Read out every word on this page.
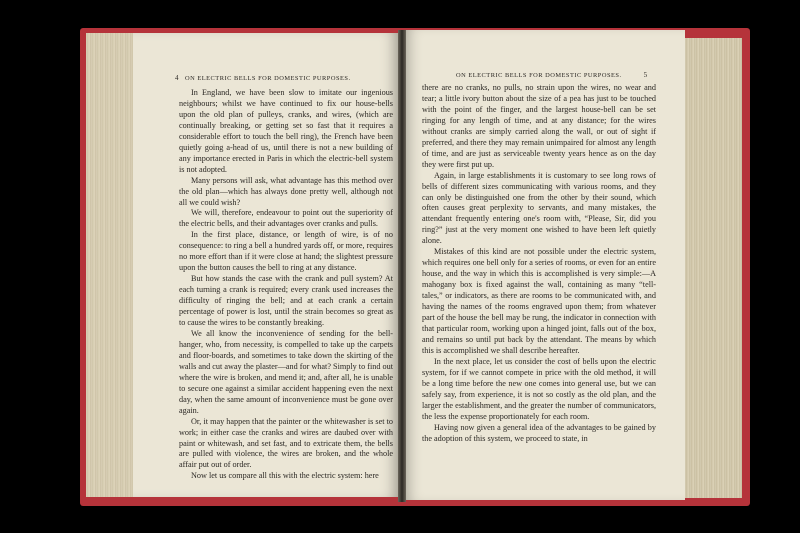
4 ON ELECTRIC BELLS FOR DOMESTIC PURPOSES.

In England, we have been slow to imitate our ingenious neighbours; whilst we have continued to fix our house-bells upon the old plan of pulleys, cranks, and wires, (which are continually breaking, or getting set so fast that it requires a considerable effort to touch the bell ring), the French have been quietly going a-head of us, until there is not a new building of any importance erected in Paris in which the electric-bell system is not adopted.

Many persons will ask, what advantage has this method over the old plan—which has always done pretty well, although not all we could wish?

We will, therefore, endeavour to point out the superiority of the electric bells, and their advantages over cranks and pulls.

In the first place, distance, or length of wire, is of no consequence: to ring a bell a hundred yards off, or more, requires no more effort than if it were close at hand; the slightest pressure upon the button causes the bell to ring at any distance.

But how stands the case with the crank and pull system? At each turning a crank is required; every crank used increases the difficulty of ringing the bell; and at each crank a certain percentage of power is lost, until the strain becomes so great as to cause the wires to be constantly breaking.

We all know the inconvenience of sending for the bell-hanger, who, from necessity, is compelled to take up the carpets and floor-boards, and sometimes to take down the skirting of the walls and cut away the plaster—and for what? Simply to find out where the wire is broken, and mend it; and, after all, he is unable to secure one against a similar accident happening even the next day, when the same amount of inconvenience must be gone over again.

Or, it may happen that the painter or the whitewasher is set to work; in either case the cranks and wires are daubed over with paint or whitewash, and set fast, and to extricate them, the bells are pulled with violence, the wires are broken, and the whole affair put out of order.

Now let us compare all this with the electric system: here

ON ELECTRIC BELLS FOR DOMESTIC PURPOSES.	5

there are no cranks, no pulls, no strain upon the wires, no wear and tear; a little ivory button about the size of a pea has just to be touched with the point of the finger, and the largest house-bell can be set ringing for any length of time, and at any distance; for the wires without cranks are simply carried along the wall, or out of sight if preferred, and there they may remain unimpaired for almost any length of time, and are just as serviceable twenty years hence as on the day they were first put up.

Again, in large establishments it is customary to see long rows of bells of different sizes communicating with various rooms, and they can only be distinguished one from the other by their sound, which often causes great perplexity to servants, and many mistakes, the attendant frequently entering one's room with, “Please, Sir, did you ring?” just at the very moment one wished to have been left quietly alone.

Mistakes of this kind are not possible under the electric system, which requires one bell only for a series of rooms, or even for an entire house, and the way in which this is accomplished is very simple:—A mahogany box is fixed against the wall, containing as many “tell-tales,” or indicators, as there are rooms to be communicated with, and having the names of the rooms engraved upon them; from whatever part of the house the bell may be rung, the indicator in connection with that particular room, working upon a hinged joint, falls out of the box, and remains so until put back by the attendant. The means by which this is accomplished we shall describe hereafter.

In the next place, let us consider the cost of bells upon the electric system, for if we cannot compete in price with the old method, it will be a long time before the new one comes into general use, but we can safely say, from experience, it is not so costly as the old plan, and the larger the establishment, and the greater the number of communicators, the less the expense proportionately for each room.

Having now given a general idea of the advantages to be gained by the adoption of this system, we proceed to state, in
